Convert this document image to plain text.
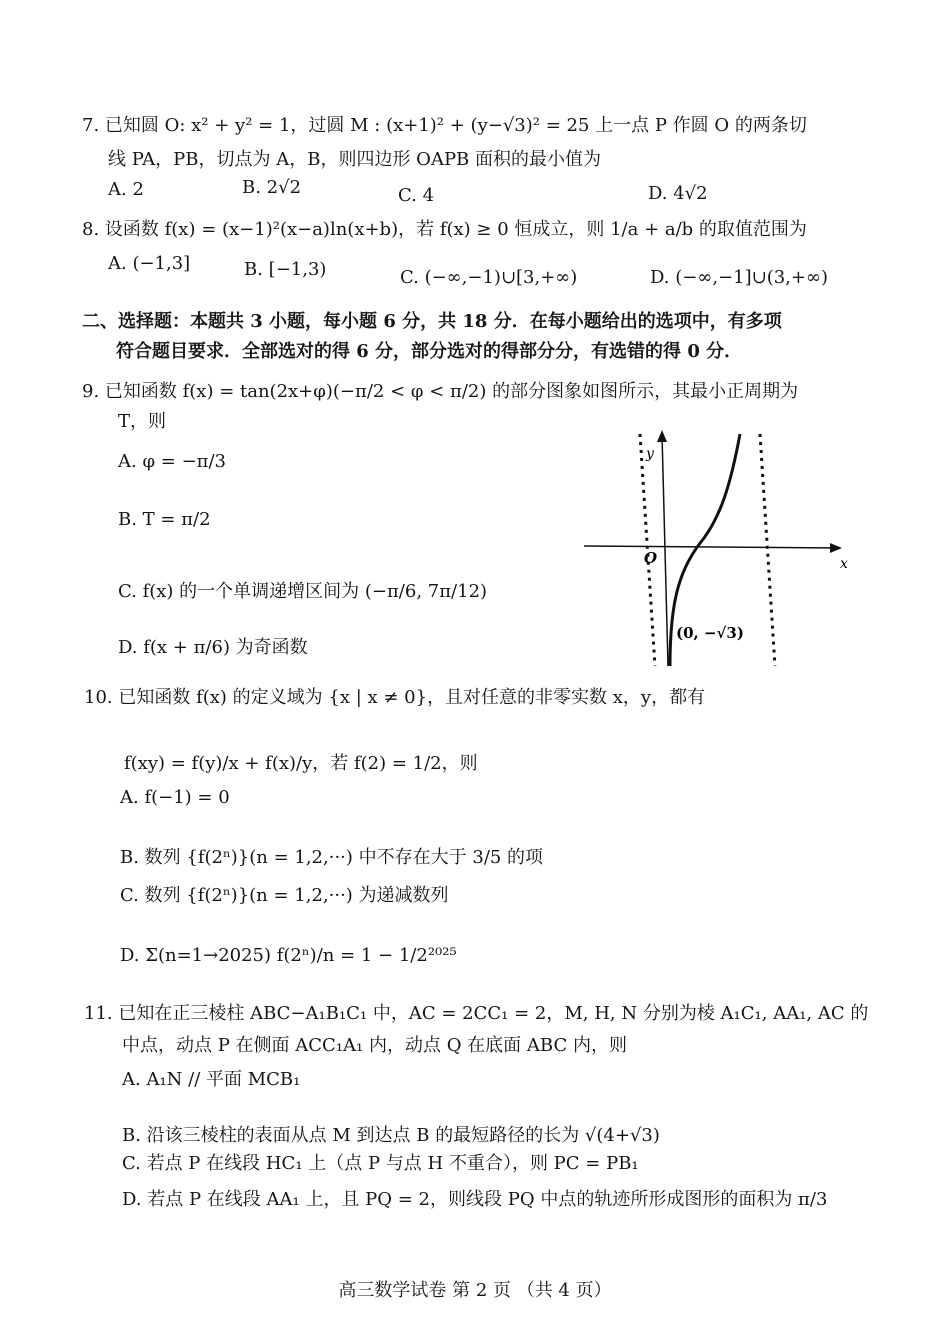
7. 已知圆 O: x² + y² = 1，过圆 M : (x+1)² + (y−√3)² = 25 上一点 P 作圆 O 的两条切
线 PA，PB，切点为 A，B，则四边形 OAPB 面积的最小值为
A. 2	B. 2√2	C. 4	D. 4√2
8. 设函数 f(x) = (x−1)²(x−a)ln(x+b)，若 f(x) ≥ 0 恒成立，则 1/a + a/b 的取值范围为
A. (−1,3]	B. [−1,3)	C. (−∞,−1)∪[3,+∞)	D. (−∞,−1]∪(3,+∞)
二、选择题：本题共 3 小题，每小题 6 分，共 18 分．在每小题给出的选项中，有多项
符合题目要求．全部选对的得 6 分，部分选对的得部分分，有选错的得 0 分．
9. 已知函数 f(x) = tan(2x+φ)(−π/2 < φ < π/2) 的部分图象如图所示，其最小正周期为
T，则
A. φ = −π/3
B. T = π/2
C. f(x) 的一个单调递增区间为 (−π/6, 7π/12)
D. f(x + π/6) 为奇函数
y
x
O
(0, −√3)
10. 已知函数 f(x) 的定义域为 {x | x ≠ 0}，且对任意的非零实数 x，y，都有
f(xy) = f(y)/x + f(x)/y，若 f(2) = 1/2，则
A. f(−1) = 0
B. 数列 {f(2ⁿ)}(n = 1,2,···) 中不存在大于 3/5 的项
C. 数列 {f(2ⁿ)}(n = 1,2,···) 为递减数列
D. Σ(n=1→2025) f(2ⁿ)/n = 1 − 1/2²⁰²⁵
11. 已知在正三棱柱 ABC−A₁B₁C₁ 中，AC = 2CC₁ = 2，M, H, N 分别为棱 A₁C₁, AA₁, AC 的
中点，动点 P 在侧面 ACC₁A₁ 内，动点 Q 在底面 ABC 内，则
A. A₁N // 平面 MCB₁
B. 沿该三棱柱的表面从点 M 到达点 B 的最短路径的长为 √(4+√3)
C. 若点 P 在线段 HC₁ 上（点 P 与点 H 不重合），则 PC = PB₁
D. 若点 P 在线段 AA₁ 上，且 PQ = 2，则线段 PQ 中点的轨迹所形成图形的面积为 π/3
高三数学试卷 第 2 页 （共 4 页）
